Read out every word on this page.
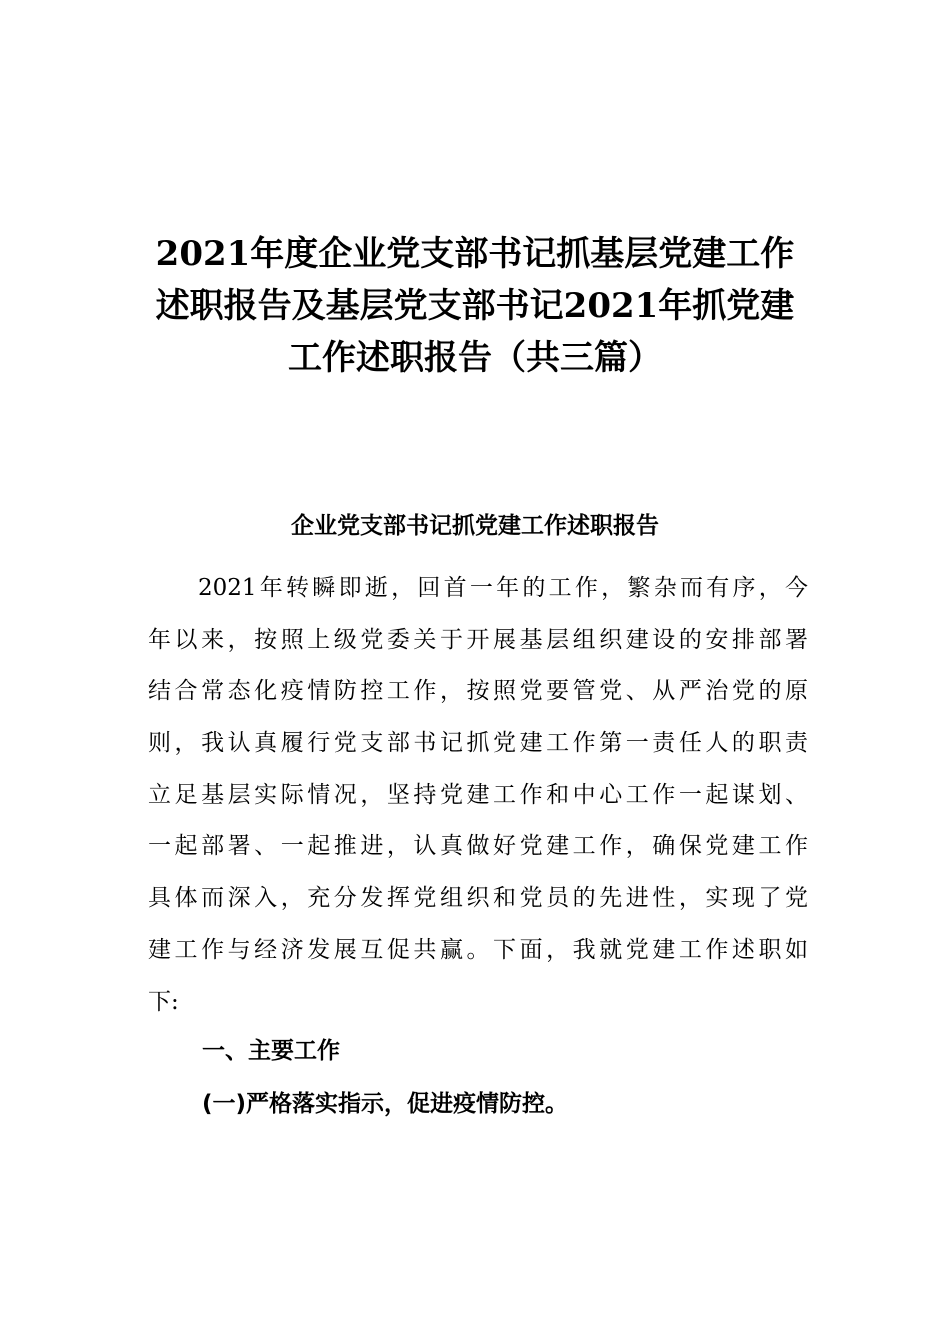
2021年度企业党支部书记抓基层党建工作
述职报告及基层党支部书记2021年抓党建
工作述职报告（共三篇）
企业党支部书记抓党建工作述职报告
2021年转瞬即逝，回首一年的工作，繁杂而有序，今
年以来，按照上级党委关于开展基层组织建设的安排部署
结合常态化疫情防控工作，按照党要管党、从严治党的原
则，我认真履行党支部书记抓党建工作第一责任人的职责
立足基层实际情况，坚持党建工作和中心工作一起谋划、
一起部署、一起推进，认真做好党建工作，确保党建工作
具体而深入，充分发挥党组织和党员的先进性，实现了党
建工作与经济发展互促共赢。下面，我就党建工作述职如
下:
一、主要工作
(一)严格落实指示，促进疫情防控。
